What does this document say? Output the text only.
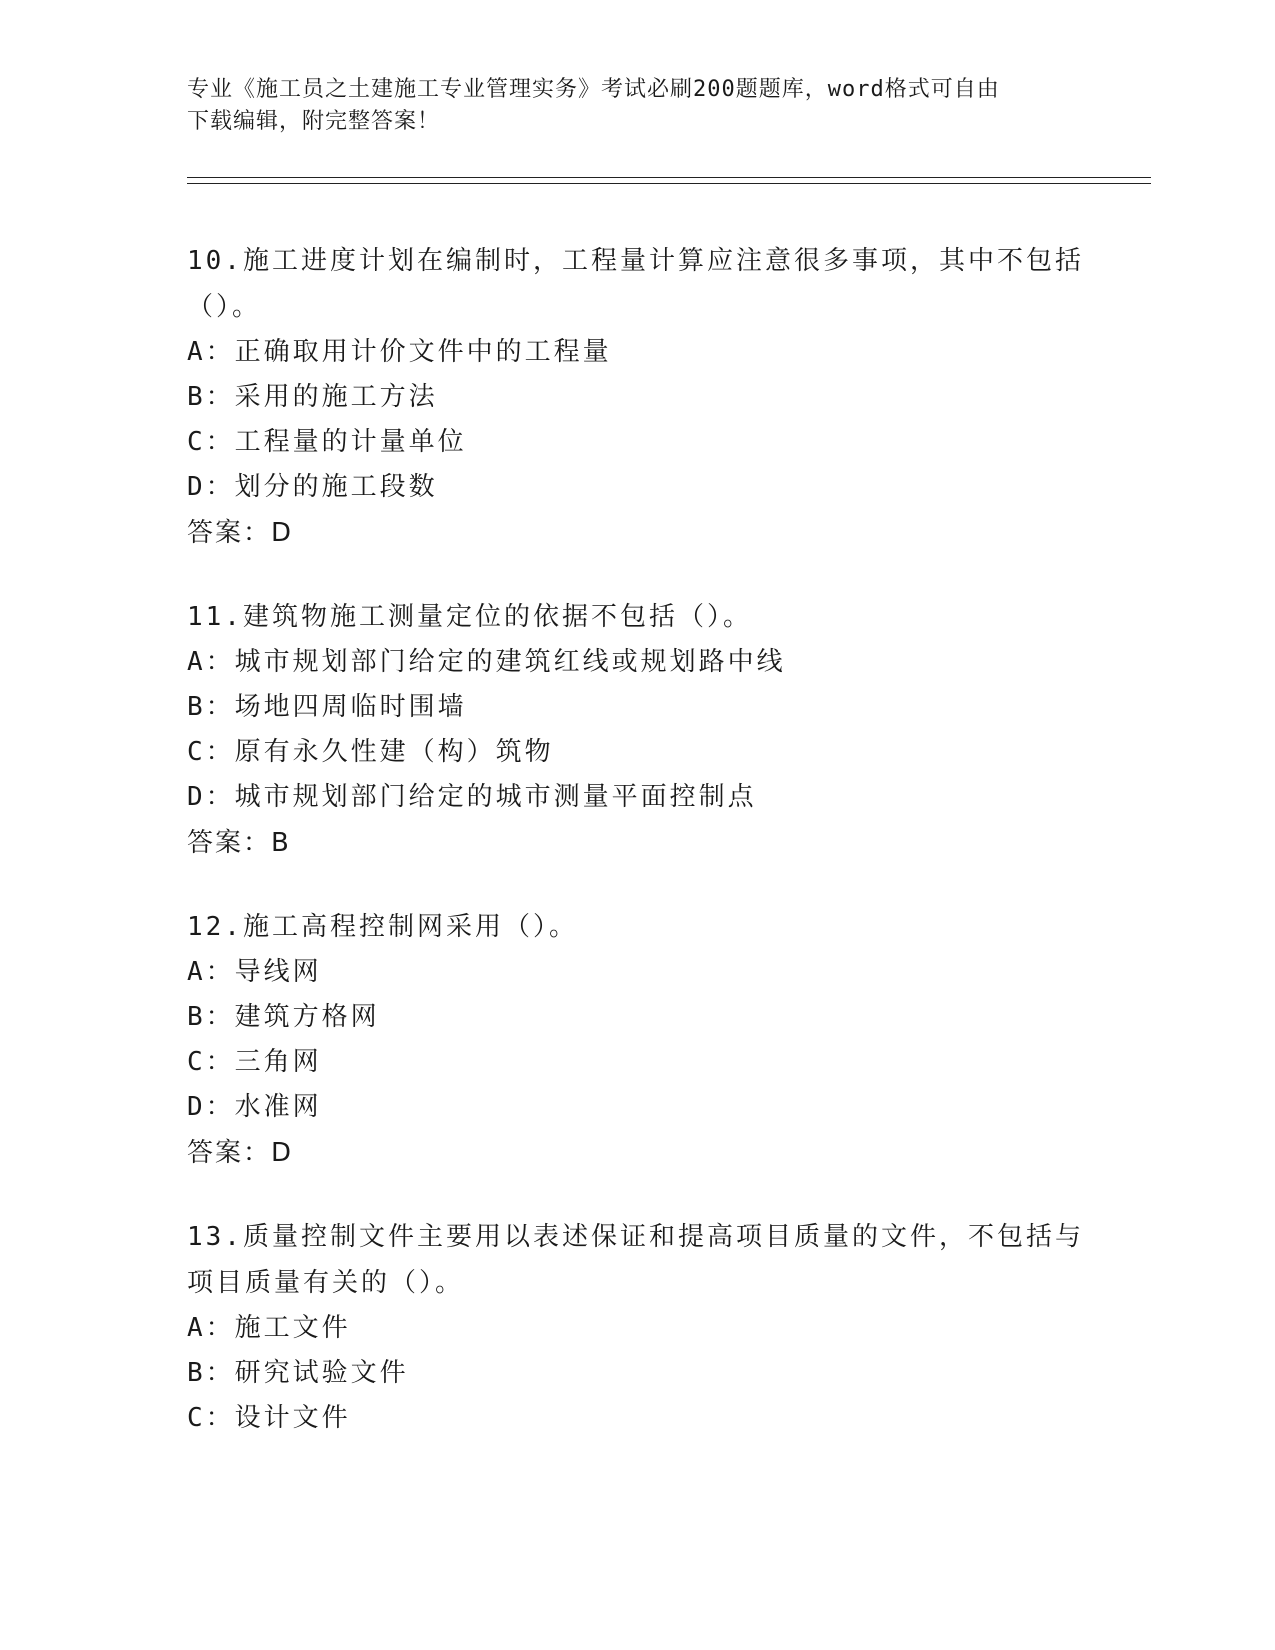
专业《施工员之土建施工专业管理实务》考试必刷200题题库，word格式可自由
下载编辑，附完整答案！
10.施工进度计划在编制时，工程量计算应注意很多事项，其中不包括
（）。
A：正确取用计价文件中的工程量
B：采用的施工方法
C：工程量的计量单位
D：划分的施工段数
答案：D
11.建筑物施工测量定位的依据不包括（）。
A：城市规划部门给定的建筑红线或规划路中线
B：场地四周临时围墙
C：原有永久性建（构）筑物
D：城市规划部门给定的城市测量平面控制点
答案：B
12.施工高程控制网采用（）。
A：导线网
B：建筑方格网
C：三角网
D：水准网
答案：D
13.质量控制文件主要用以表述保证和提高项目质量的文件，不包括与
项目质量有关的（）。
A：施工文件
B：研究试验文件
C：设计文件
